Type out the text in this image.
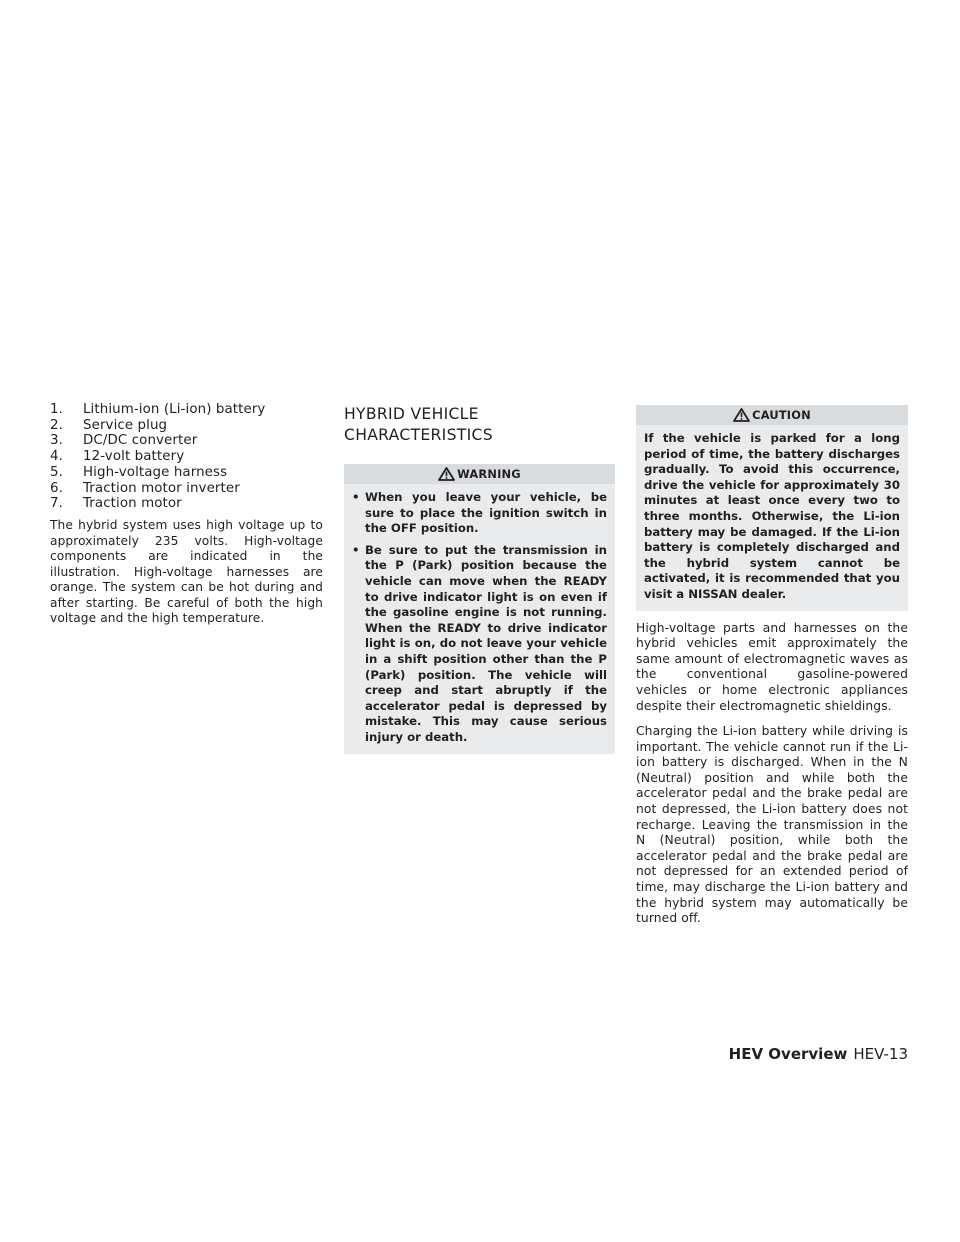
1.	Lithium-ion (Li-ion) battery
2.	Service plug
3.	DC/DC converter
4.	12-volt battery
5.	High-voltage harness
6.	Traction motor inverter
7.	Traction motor

The hybrid system uses high voltage up to approximately 235 volts. High-voltage components are indicated in the illustration. High-voltage harnesses are orange. The system can be hot during and after starting. Be careful of both the high voltage and the high temperature.

HYBRID VEHICLE
CHARACTERISTICS
WARNING
• When you leave your vehicle, be sure to place the ignition switch in the OFF position.
• Be sure to put the transmission in the P (Park) position because the vehicle can move when the READY to drive indicator light is on even if the gasoline engine is not running. When the READY to drive indicator light is on, do not leave your vehicle in a shift position other than the P (Park) position. The vehicle will creep and start abruptly if the accelerator pedal is depressed by mistake. This may cause serious injury or death.
CAUTION

If the vehicle is parked for a long period of time, the battery discharges gradually. To avoid this occurrence, drive the vehicle for approximately 30 minutes at least once every two to three months. Otherwise, the Li-ion battery may be damaged. If the Li-ion battery is completely discharged and the hybrid system cannot be activated, it is recommended that you visit a NISSAN dealer.

High-voltage parts and harnesses on the hybrid vehicles emit approximately the same amount of electromagnetic waves as the conventional gasoline-powered vehicles or home electronic appliances despite their electromagnetic shieldings.

Charging the Li-ion battery while driving is important. The vehicle cannot run if the Li-ion battery is discharged. When in the N (Neutral) position and while both the accelerator pedal and the brake pedal are not depressed, the Li-ion battery does not recharge. Leaving the transmission in the N (Neutral) position, while both the accelerator pedal and the brake pedal are not depressed for an extended period of time, may discharge the Li-ion battery and the hybrid system may automatically be turned off.

HEV Overview HEV-13
